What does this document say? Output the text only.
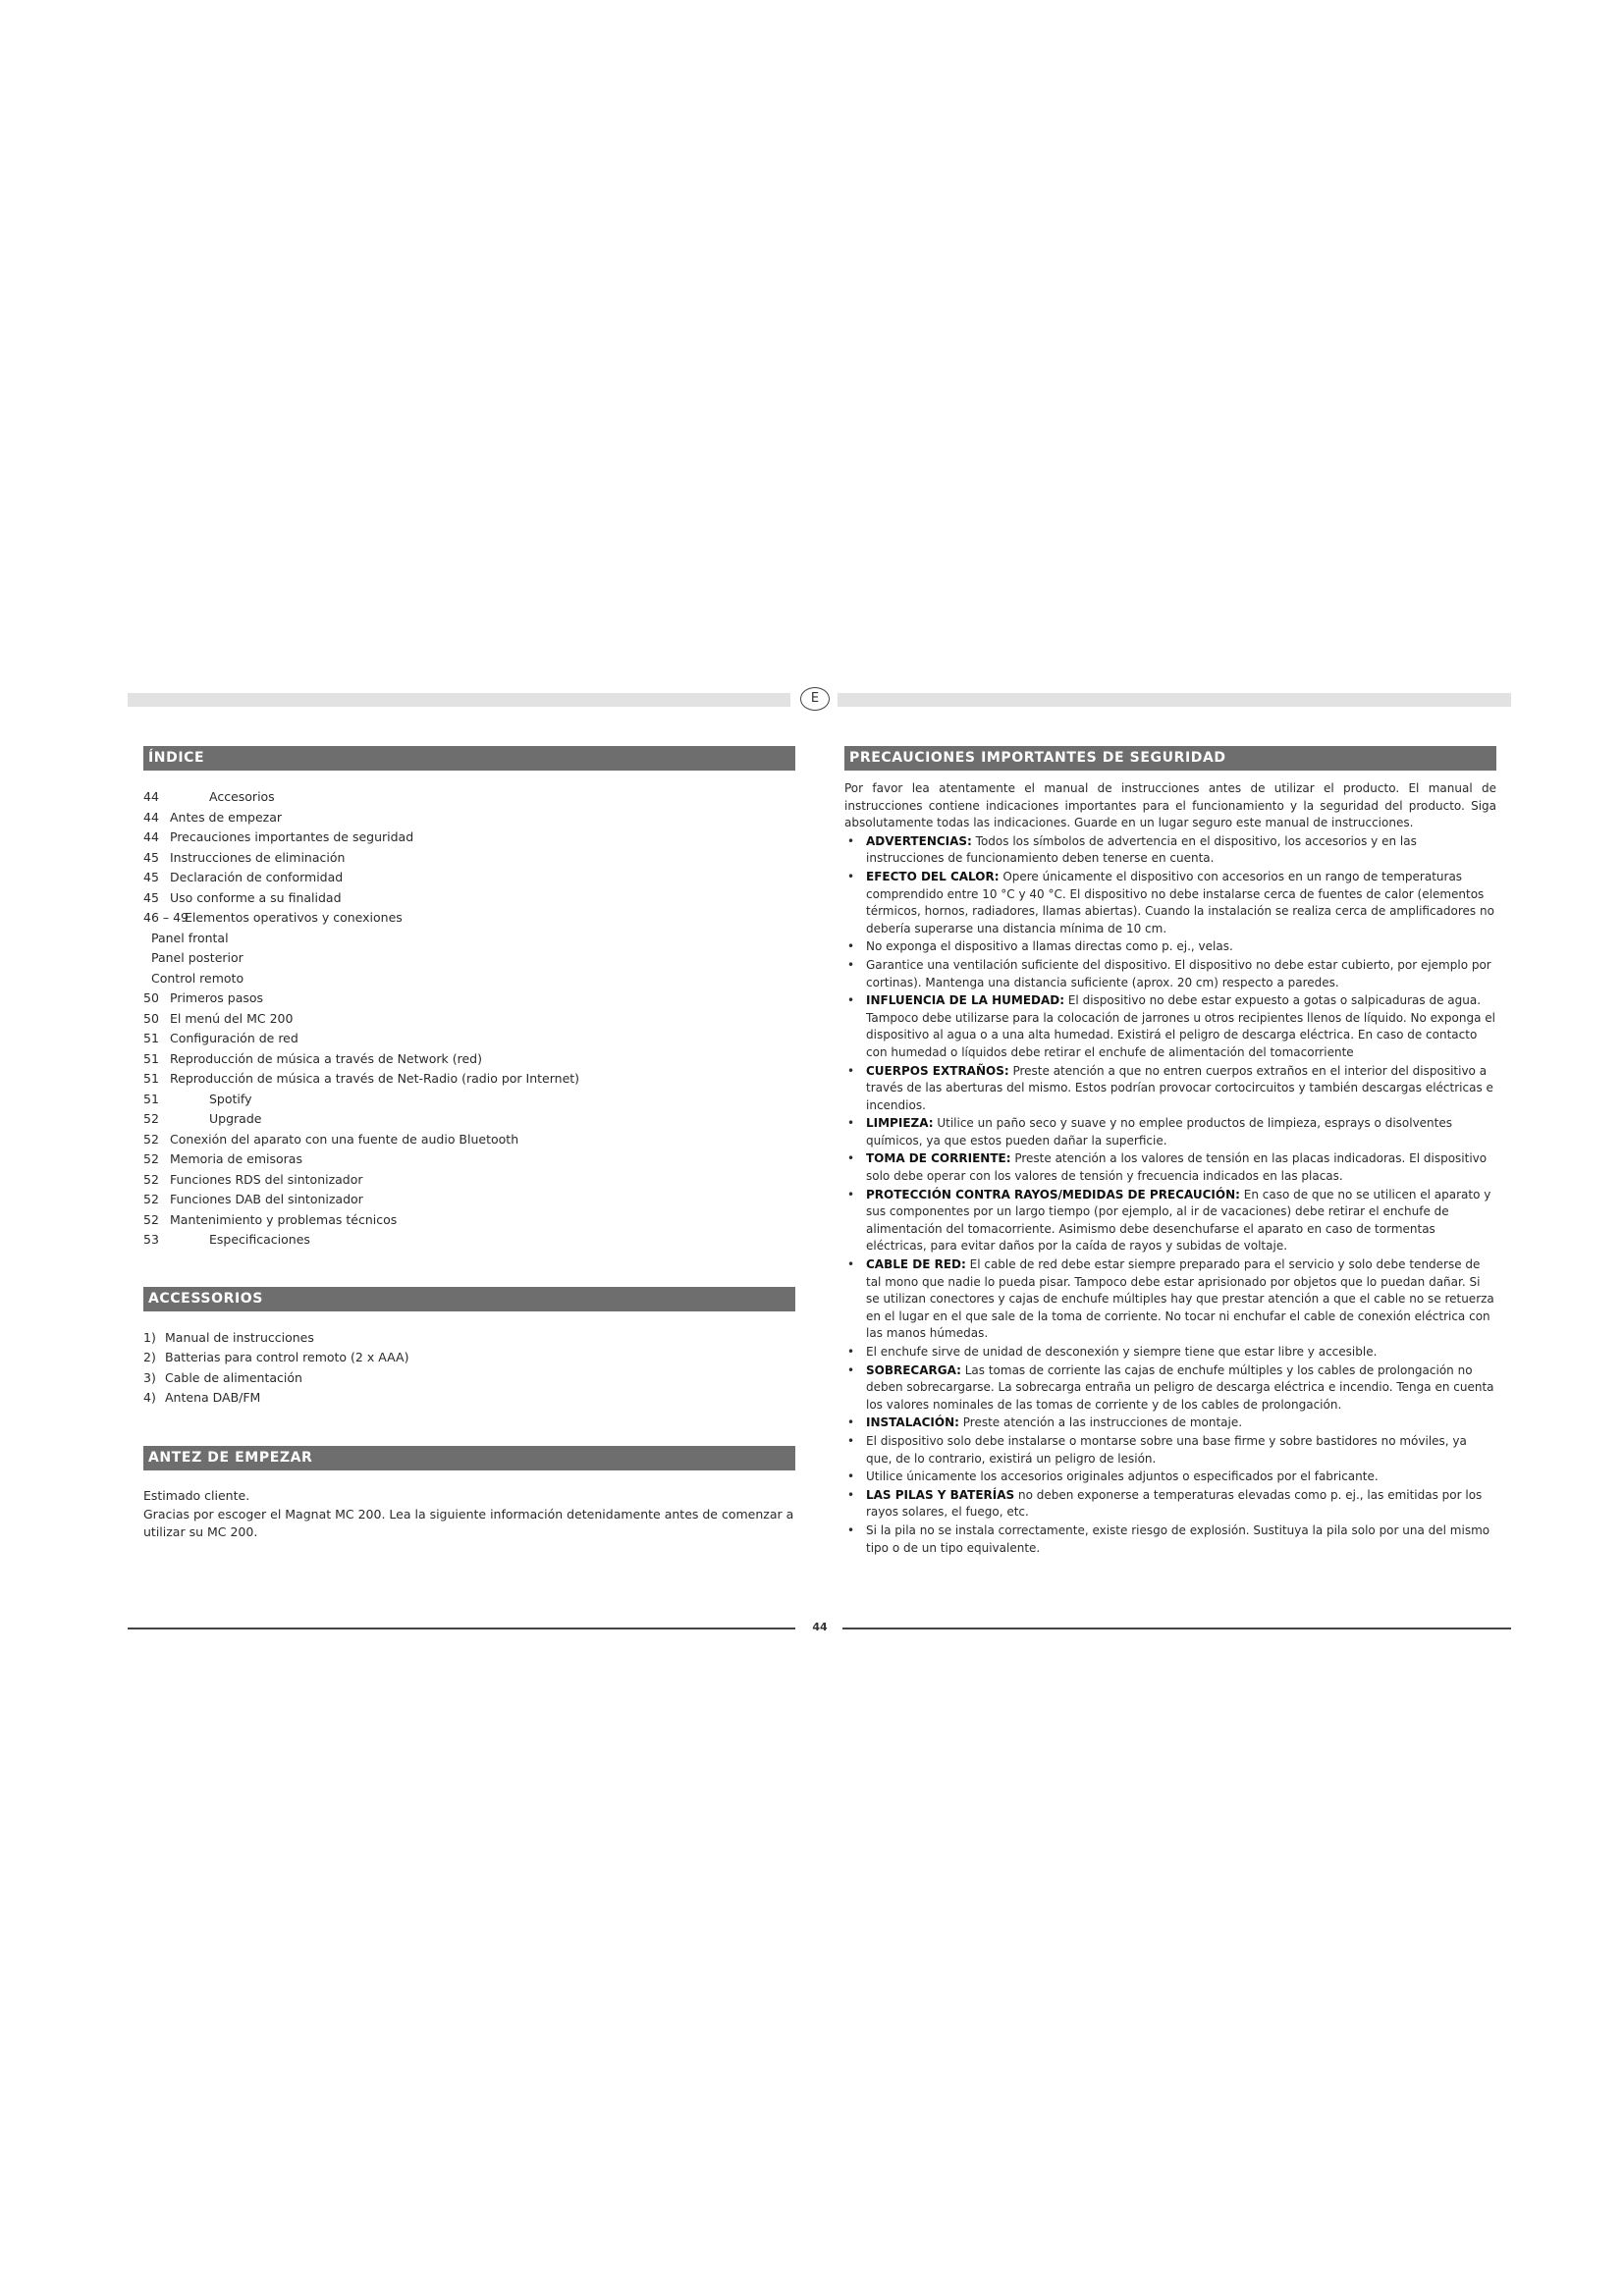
E
ÍNDICE
44	Accesorios
44 Antes de empezar
44 Precauciones importantes de seguridad
45 Instrucciones de eliminación
45 Declaración de conformidad
45 Uso conforme a su finalidad
46 – 49Elementos operativos y conexiones
Panel frontal
Panel posterior
Control remoto
50 Primeros pasos
50 El menú del MC 200
51 Configuración de red
51 Reproducción de música a través de Network (red)
51 Reproducción de música a través de Net-Radio (radio por Internet)
51	Spotify
52	Upgrade
52 Conexión del aparato con una fuente de audio Bluetooth
52 Memoria de emisoras
52 Funciones RDS del sintonizador
52 Funciones DAB del sintonizador
52 Mantenimiento y problemas técnicos
53	Especificaciones
ACCESSORIOS
1) Manual de instrucciones
2) Batterias para control remoto (2 x AAA)
3) Cable de alimentación
4) Antena DAB/FM
ANTEZ DE EMPEZAR

Estimado cliente.

Gracias por escoger el Magnat MC 200. Lea la siguiente información detenidamente antes de comenzar a utilizar su MC 200.

PRECAUCIONES IMPORTANTES DE SEGURIDAD
Por favor lea atentamente el manual de instrucciones antes de utilizar el producto. El manual de instrucciones contiene indicaciones importantes para el funcionamiento y la seguridad del producto. Siga absolutamente todas las indicaciones. Guarde en un lugar seguro este manual de instrucciones.
• ADVERTENCIAS: Todos los símbolos de advertencia en el dispositivo, los accesorios y en las instrucciones de funcionamiento deben tenerse en cuenta.
• EFECTO DEL CALOR: Opere únicamente el dispositivo con accesorios en un rango de temperaturas comprendido entre 10 °C y 40 °C. El dispositivo no debe instalarse cerca de fuentes de calor (elementos térmicos, hornos, radiadores, llamas abiertas). Cuando la instalación se realiza cerca de amplificadores no debería superarse una distancia mínima de 10 cm.
• No exponga el dispositivo a llamas directas como p. ej., velas.
• Garantice una ventilación suficiente del dispositivo. El dispositivo no debe estar cubierto, por ejemplo por cortinas). Mantenga una distancia suficiente (aprox. 20 cm) respecto a paredes.
• INFLUENCIA DE LA HUMEDAD: El dispositivo no debe estar expuesto a gotas o salpicaduras de agua. Tampoco debe utilizarse para la colocación de jarrones u otros recipientes llenos de líquido. No exponga el dispositivo al agua o a una alta humedad. Existirá el peligro de descarga eléctrica. En caso de contacto con humedad o líquidos debe retirar el enchufe de alimentación del tomacorriente
• CUERPOS EXTRAÑOS: Preste atención a que no entren cuerpos extraños en el interior del dispositivo a través de las aberturas del mismo. Estos podrían provocar cortocircuitos y también descargas eléctricas e incendios.
• LIMPIEZA: Utilice un paño seco y suave y no emplee productos de limpieza, esprays o disolventes químicos, ya que estos pueden dañar la superficie.
• TOMA DE CORRIENTE: Preste atención a los valores de tensión en las placas indicadoras. El dispositivo solo debe operar con los valores de tensión y frecuencia indicados en las placas.
• PROTECCIÓN CONTRA RAYOS/MEDIDAS DE PRECAUCIÓN: En caso de que no se utilicen el aparato y sus componentes por un largo tiempo (por ejemplo, al ir de vacaciones) debe retirar el enchufe de alimentación del tomacorriente. Asimismo debe desenchufarse el aparato en caso de tormentas eléctricas, para evitar daños por la caída de rayos y subidas de voltaje.
• CABLE DE RED: El cable de red debe estar siempre preparado para el servicio y solo debe tenderse de tal mono que nadie lo pueda pisar. Tampoco debe estar aprisionado por objetos que lo puedan dañar. Si se utilizan conectores y cajas de enchufe múltiples hay que prestar atención a que el cable no se retuerza en el lugar en el que sale de la toma de corriente. No tocar ni enchufar el cable de conexión eléctrica con las manos húmedas.
• El enchufe sirve de unidad de desconexión y siempre tiene que estar libre y accesible.
• SOBRECARGA: Las tomas de corriente las cajas de enchufe múltiples y los cables de prolongación no deben sobrecargarse. La sobrecarga entraña un peligro de descarga eléctrica e incendio. Tenga en cuenta los valores nominales de las tomas de corriente y de los cables de prolongación.
• INSTALACIÓN: Preste atención a las instrucciones de montaje.
• El dispositivo solo debe instalarse o montarse sobre una base firme y sobre bastidores no móviles, ya que, de lo contrario, existirá un peligro de lesión.
• Utilice únicamente los accesorios originales adjuntos o especificados por el fabricante.
• LAS PILAS Y BATERÍAS no deben exponerse a temperaturas elevadas como p. ej., las emitidas por los rayos solares, el fuego, etc.
• Si la pila no se instala correctamente, existe riesgo de explosión. Sustituya la pila solo por una del mismo tipo o de un tipo equivalente.
44
